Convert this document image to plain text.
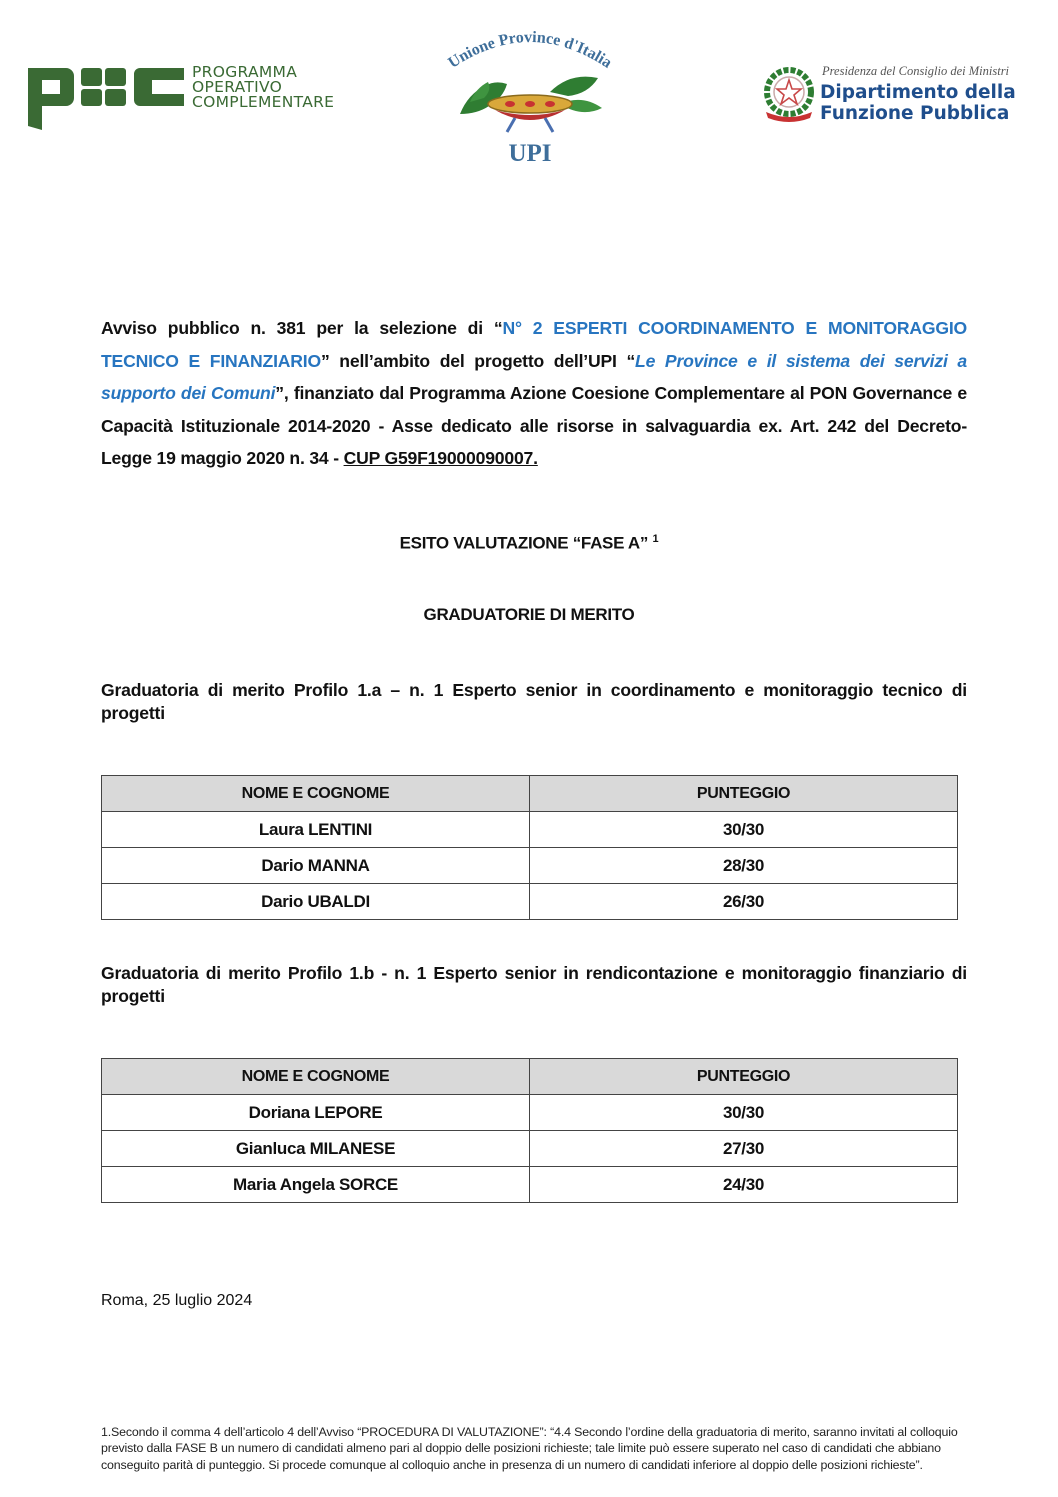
PROGRAMMA
OPERATIVO
COMPLEMENTARE
Unione Province d'Italia
UPI
Presidenza del Consiglio dei Ministri
Dipartimento della
Funzione Pubblica
Avviso pubblico n. 381 per la selezione di “N° 2 ESPERTI COORDINAMENTO E MONITORAGGIO TECNICO E FINANZIARIO” nell’ambito del progetto dell’UPI “Le Province e il sistema dei servizi a supporto dei Comuni”, finanziato dal Programma Azione Coesione Complementare al PON Governance e Capacità Istituzionale 2014-2020 - Asse dedicato alle risorse in salvaguardia ex. Art. 242 del Decreto-Legge 19 maggio 2020 n. 34 - CUP G59F19000090007.
ESITO VALUTAZIONE “FASE A” $^1$
GRADUATORIE DI MERITO
Graduatoria di merito Profilo 1.a – n. 1 Esperto senior in coordinamento e monitoraggio tecnico di progetti
NOME E COGNOME	PUNTEGGIO
Laura LENTINI	30/30
Dario MANNA	28/30
Dario UBALDI	26/30
Graduatoria di merito Profilo 1.b - n. 1 Esperto senior in rendicontazione e monitoraggio finanziario di progetti
NOME E COGNOME	PUNTEGGIO
Doriana LEPORE	30/30
Gianluca MILANESE	27/30
Maria Angela SORCE	24/30
Roma, 25 luglio 2024
1.Secondo il comma 4 dell’articolo 4 dell’Avviso “PROCEDURA DI VALUTAZIONE”: “4.4 Secondo l’ordine della graduatoria di merito, saranno invitati al colloquio previsto dalla FASE B un numero di candidati almeno pari al doppio delle posizioni richieste; tale limite può essere superato nel caso di candidati che abbiano conseguito parità di punteggio. Si procede comunque al colloquio anche in presenza di un numero di candidati inferiore al doppio delle posizioni richieste”.
